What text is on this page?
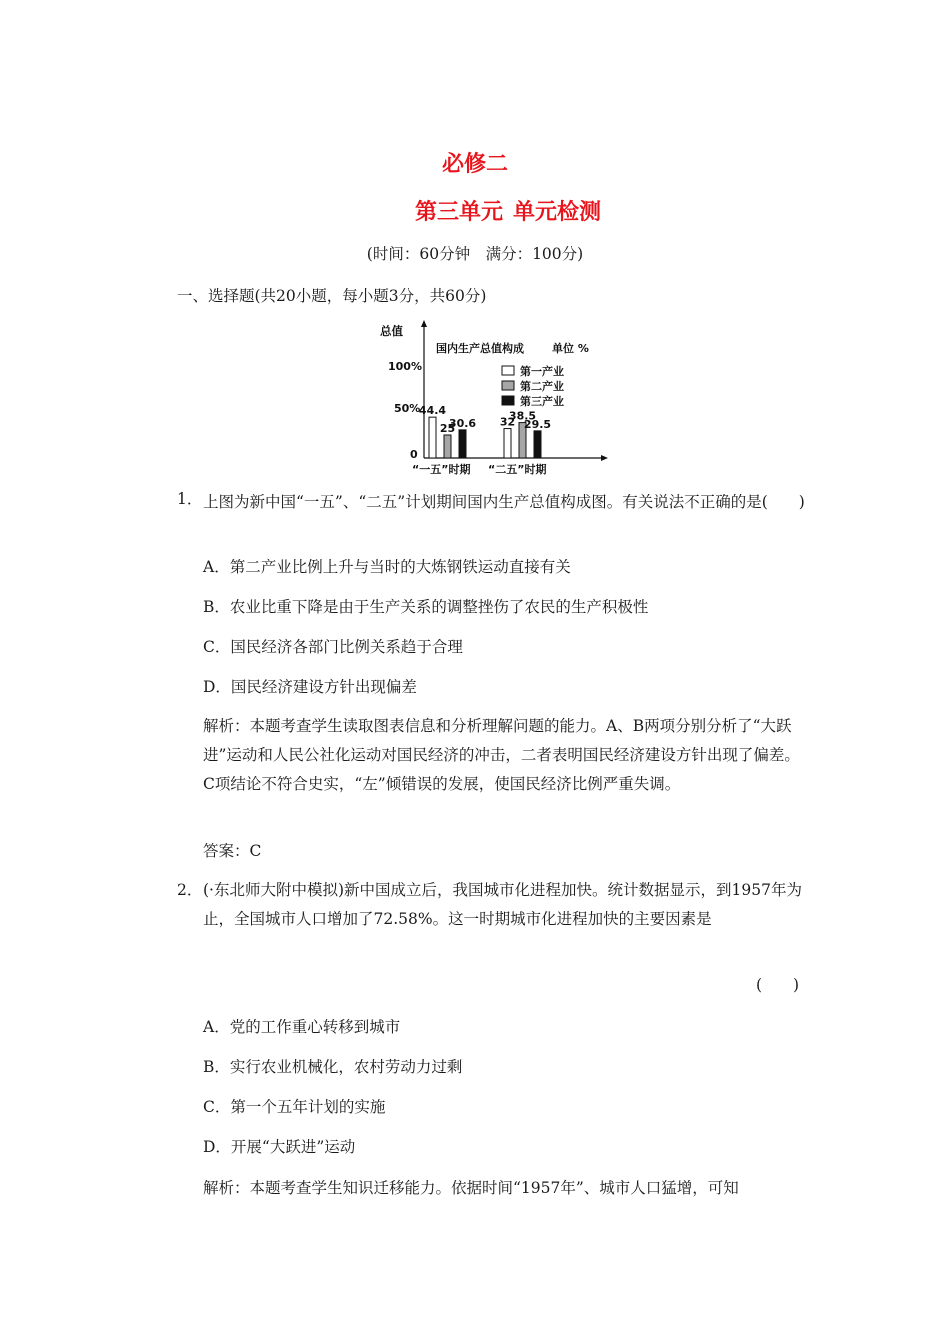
必修二
第三单元 单元检测
(时间：60分钟　满分：100分)
一、选择题(共20小题，每小题3分，共60分)
总值
国内生产总值构成	单位 %
100%
50%
0
第一产业
第二产业
第三产业
44.4
25
30.6 32
38.5
29.5
“一五”时期 “二五”时期
1． 上图为新中国“一五”、“二五”计划期间国内生产总值构成图。有关说法不正确的是(　　)
A．第二产业比例上升与当时的大炼钢铁运动直接有关
B．农业比重下降是由于生产关系的调整挫伤了农民的生产积极性
C．国民经济各部门比例关系趋于合理
D．国民经济建设方针出现偏差
解析：本题考查学生读取图表信息和分析理解问题的能力。A、B两项分别分析了“大跃进”运动和人民公社化运动对国民经济的冲击，二者表明国民经济建设方针出现了偏差。C项结论不符合史实，“左”倾错误的发展，使国民经济比例严重失调。
答案：C
2． (·东北师大附中模拟)新中国成立后，我国城市化进程加快。统计数据显示，到1957年为止，全国城市人口增加了72.58%。这一时期城市化进程加快的主要因素是
(　　)
A．党的工作重心转移到城市
B．实行农业机械化，农村劳动力过剩
C．第一个五年计划的实施
D．开展“大跃进”运动
解析：本题考查学生知识迁移能力。依据时间“1957年”、城市人口猛增，可知
